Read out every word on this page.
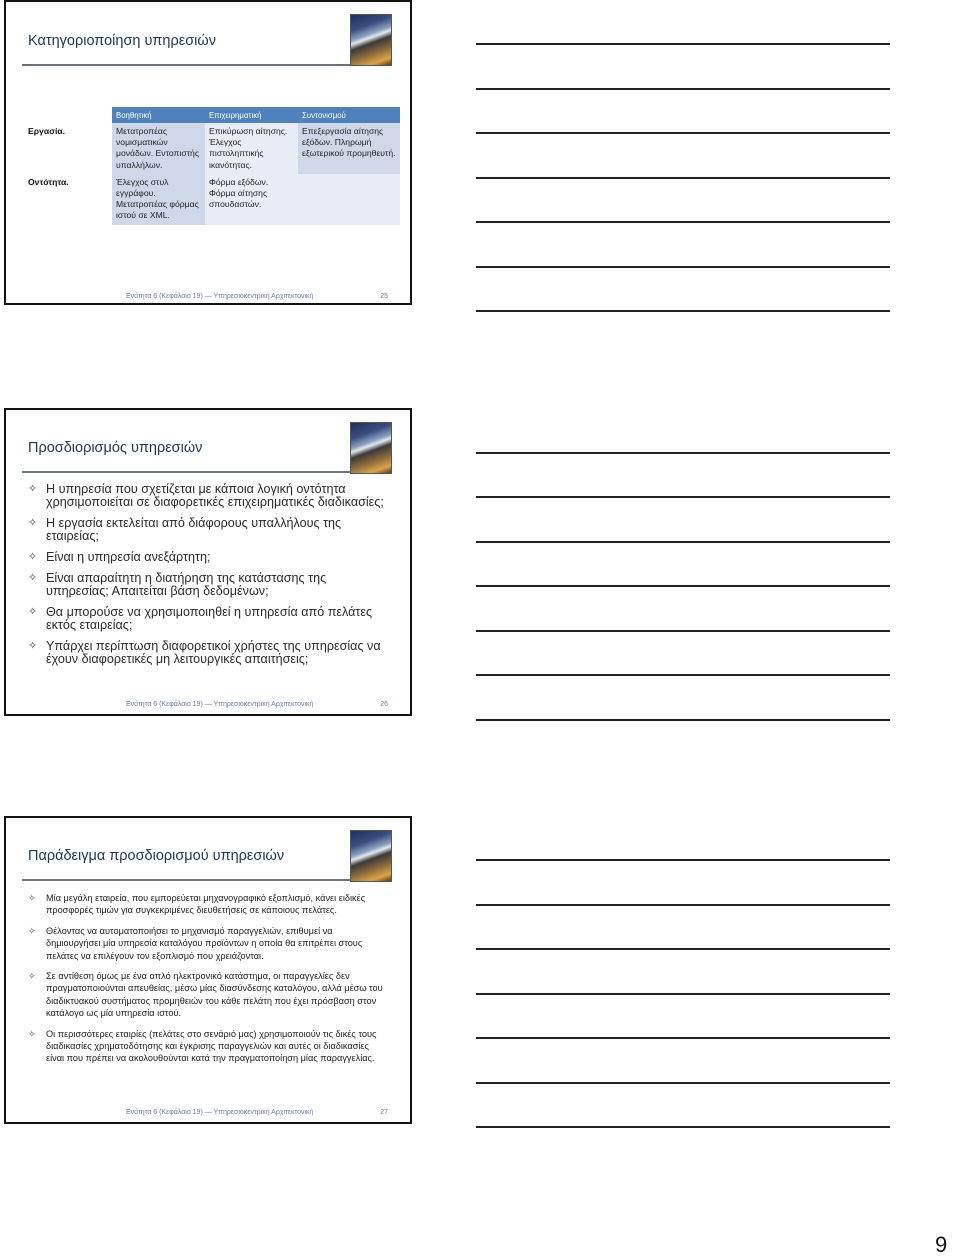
Κατηγοριοποίηση υπηρεσιών
	Βοηθητική	Επιχειρηματική	Συντονισμού
Εργασία.	Μετατροπέας νομισματικών μονάδων. Εντοπιστής υπαλλήλων.	Επικύρωση αίτησης. Έλεγχος πιστοληπτικής ικανότητας.	Επεξεργασία αίτησης εξόδων. Πληρωμή εξωτερικού προμηθευτή.
Οντότητα.	Έλεγχος στυλ εγγράφου. Μετατροπέας φόρμας ιστού σε XML.	Φόρμα εξόδων. Φόρμα αίτησης σπουδαστών.	
Ενότητα 6 (Κεφάλαιο 19) — Υπηρεσιοκεντρική Αρχιτεκτονική	25
Προσδιορισμός υπηρεσιών
✧ Η υπηρεσία που σχετίζεται με κάποια λογική οντότητα χρησιμοποιείται σε διαφορετικές επιχειρηματικές διαδικασίες;
✧ Η εργασία εκτελείται από διάφορους υπαλλήλους της εταιρείας;
✧ Είναι η υπηρεσία ανεξάρτητη;
✧ Είναι απαραίτητη η διατήρηση της κατάστασης της υπηρεσίας; Απαιτείται βάση δεδομένων;
✧ Θα μπορούσε να χρησιμοποιηθεί η υπηρεσία από πελάτες εκτός εταιρείας;
✧ Υπάρχει περίπτωση διαφορετικοί χρήστες της υπηρεσίας να έχουν διαφορετικές μη λειτουργικές απαιτήσεις;
Ενότητα 6 (Κεφάλαιο 19) — Υπηρεσιοκεντρική Αρχιτεκτονική	26
Παράδειγμα προσδιορισμού υπηρεσιών
✧ Μία μεγάλη εταιρεία, που εμπορεύεται μηχανογραφικό εξοπλισμό, κάνει ειδικές προσφορές τιμών για συγκεκριμένες διευθετήσεις σε κάποιους πελάτες.
✧ Θέλοντας να αυτοματοποιήσει το μηχανισμό παραγγελιών, επιθυμεί να δημιουργήσει μία υπηρεσία καταλόγου προϊόντων η οποία θα επιτρέπει στους πελάτες να επιλέγουν τον εξοπλισμό που χρειάζονται.
✧ Σε αντίθεση όμως με ένα απλό ηλεκτρονικό κατάστημα, οι παραγγελίες δεν πραγματοποιούνται απευθείας, μέσω μίας διασύνδεσης καταλόγου, αλλά μέσω του διαδικτυακού συστήματος προμηθειών του κάθε πελάτη που έχει πρόσβαση στον κατάλογο ως μία υπηρεσία ιστού.
✧ Οι περισσότερες εταιρίες (πελάτες στο σενάριό μας) χρησιμοποιούν τις δικές τους διαδικασίες χρηματοδότησης και έγκρισης παραγγελιών και αυτές οι διαδικασίες είναι που πρέπει να ακολουθούνται κατά την πραγματοποίηση μίας παραγγελίας.
Ενότητα 6 (Κεφάλαιο 19) — Υπηρεσιοκεντρική Αρχιτεκτονική	27
9
